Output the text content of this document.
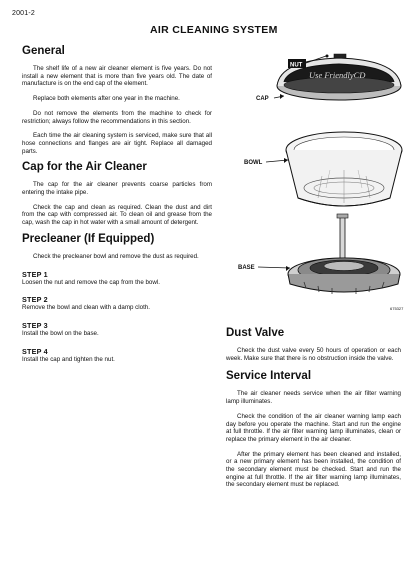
2001-2
AIR CLEANING SYSTEM
General
The shelf life of a new air cleaner element is five years. Do not install a new element that is more than five years old. The date of manufacture is on the end cap of the element.
Replace both elements after one year in the machine.
Do not remove the elements from the machine to check for restriction; always follow the recommendations in this section.
Each time the air cleaning system is serviced, make sure that all hose connections and flanges are air tight. Replace all damaged parts.
Cap for the Air Cleaner
The cap for the air cleaner prevents coarse particles from entering the intake pipe.
Check the cap and clean as required. Clean the dust and dirt from the cap with compressed air. To clean oil and grease from the cap, wash the cap in hot water with a small amount of detergent.
Precleaner (If Equipped)
Check the precleaner bowl and remove the dust as required.
STEP 1
Loosen the nut and remove the cap from the bowl.
STEP 2
Remove the bowl and clean with a damp cloth.
STEP 3
Install the bowl on the base.
STEP 4
Install the cap and tighten the nut.
Use FriendlyCD
NUT
CAP
BOWL
BASE
675327
Dust Valve
Check the dust valve every 50 hours of operation or each week. Make sure that there is no obstruction inside the valve.
Service Interval
The air cleaner needs service when the air filter warning lamp illuminates.
Check the condition of the air cleaner warning lamp each day before you operate the machine. Start and run the engine at full throttle. If the air filter warning lamp illuminates, clean or replace the primary element in the air cleaner.
After the primary element has been cleaned and installed, or a new primary element has been installed, the condition of the secondary element must be checked. Start and run the engine at full throttle. If the air filter warning lamp illuminates, the secondary element must be replaced.
